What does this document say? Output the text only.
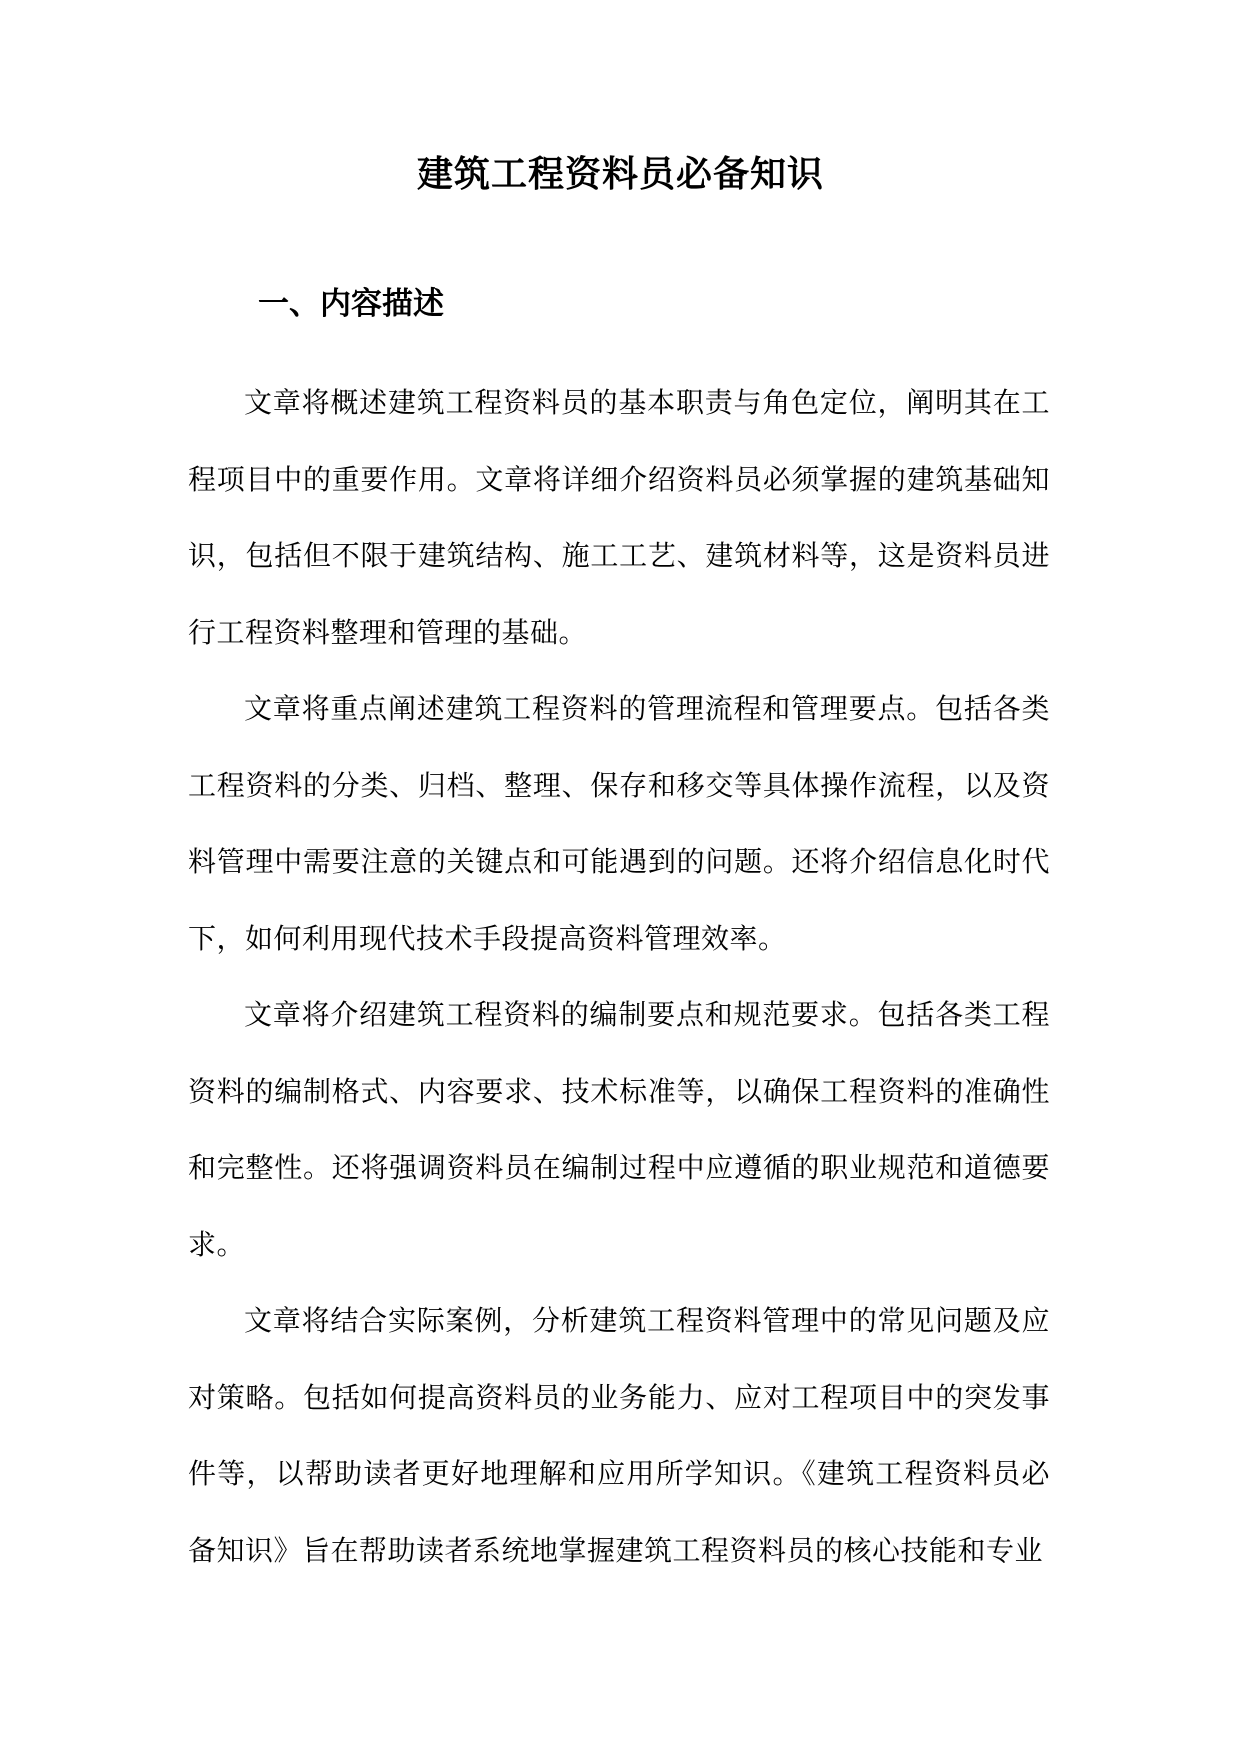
建筑工程资料员必备知识
一、内容描述

文章将概述建筑工程资料员的基本职责与角色定位，阐明其在工程项目中的重要作用。文章将详细介绍资料员必须掌握的建筑基础知识，包括但不限于建筑结构、施工工艺、建筑材料等，这是资料员进行工程资料整理和管理的基础。

文章将重点阐述建筑工程资料的管理流程和管理要点。包括各类工程资料的分类、归档、整理、保存和移交等具体操作流程，以及资料管理中需要注意的关键点和可能遇到的问题。还将介绍信息化时代下，如何利用现代技术手段提高资料管理效率。

文章将介绍建筑工程资料的编制要点和规范要求。包括各类工程资料的编制格式、内容要求、技术标准等，以确保工程资料的准确性和完整性。还将强调资料员在编制过程中应遵循的职业规范和道德要求。

文章将结合实际案例，分析建筑工程资料管理中的常见问题及应对策略。包括如何提高资料员的业务能力、应对工程项目中的突发事件等，以帮助读者更好地理解和应用所学知识。《建筑工程资料员必备知识》旨在帮助读者系统地掌握建筑工程资料员的核心技能和专业
